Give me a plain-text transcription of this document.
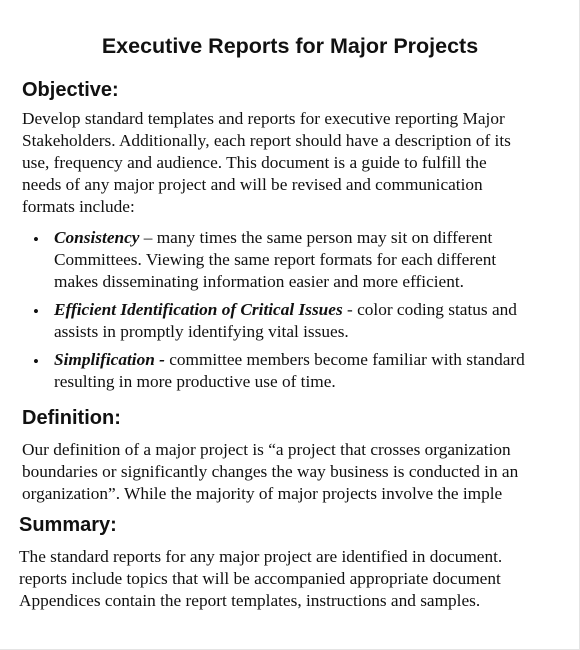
Executive Reports for Major Projects
Objective:
Develop standard templates and reports for executive reporting Major
Stakeholders. Additionally, each report should have a description of its
use, frequency and audience. This document is a guide to fulfill the
needs of any major project and will be revised and communication
formats include:
• Consistency – many times the same person may sit on different
Committees. Viewing the same report formats for each different
makes disseminating information easier and more efficient.
• Efficient Identification of Critical Issues - color coding status and
assists in promptly identifying vital issues.
• Simplification - committee members become familiar with standard
resulting in more productive use of time.
Definition:
Our definition of a major project is “a project that crosses organization
boundaries or significantly changes the way business is conducted in an
organization”. While the majority of major projects involve the imple
Summary:
The standard reports for any major project are identified in document.
reports include topics that will be accompanied appropriate document
Appendices contain the report templates, instructions and samples.
